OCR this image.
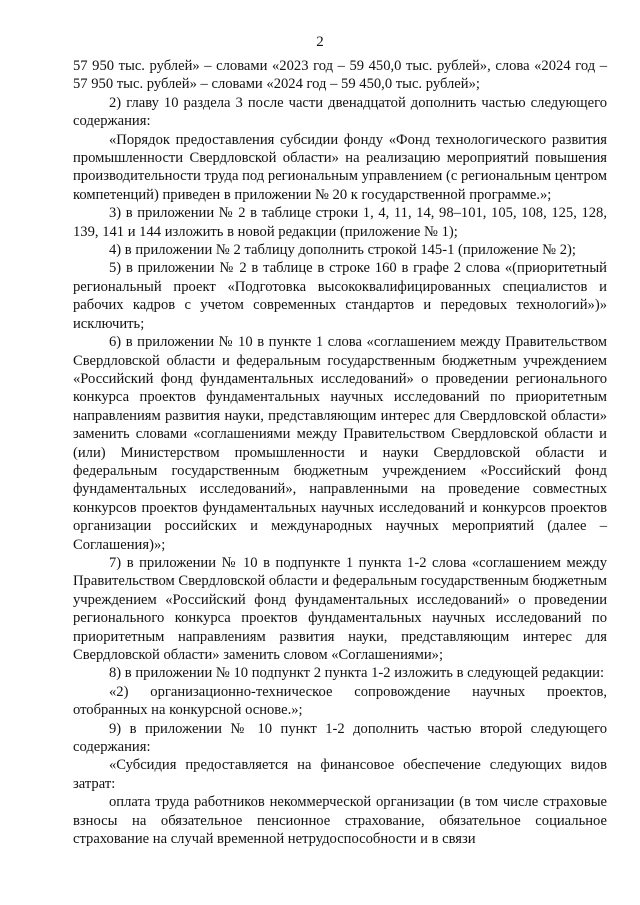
2

57 950 тыс. рублей» – словами «2023 год – 59 450,0 тыс. рублей», слова «2024 год – 57 950 тыс. рублей» – словами «2024 год – 59 450,0 тыс. рублей»;

2) главу 10 раздела 3 после части двенадцатой дополнить частью следующего содержания:

«Порядок предоставления субсидии фонду «Фонд технологического развития промышленности Свердловской области» на реализацию мероприятий повышения производительности труда под региональным управлением (с региональным центром компетенций) приведен в приложении № 20 к государственной программе.»;

3) в приложении № 2 в таблице строки 1, 4, 11, 14, 98–101, 105, 108, 125, 128, 139, 141 и 144 изложить в новой редакции (приложение № 1);

4) в приложении № 2 таблицу дополнить строкой 145-1 (приложение № 2);

5) в приложении № 2 в таблице в строке 160 в графе 2 слова «(приоритетный региональный проект «Подготовка высококвалифицированных специалистов и рабочих кадров с учетом современных стандартов и передовых технологий»)» исключить;

6) в приложении № 10 в пункте 1 слова «соглашением между Правительством Свердловской области и федеральным государственным бюджетным учреждением «Российский фонд фундаментальных исследований» о проведении регионального конкурса проектов фундаментальных научных исследований по приоритетным направлениям развития науки, представляющим интерес для Свердловской области» заменить словами «соглашениями между Правительством Свердловской области и (или) Министерством промышленности и науки Свердловской области и федеральным государственным бюджетным учреждением «Российский фонд фундаментальных исследований», направленными на проведение совместных конкурсов проектов фундаментальных научных исследований и конкурсов проектов организации российских и международных научных мероприятий (далее – Соглашения)»;

7) в приложении № 10 в подпункте 1 пункта 1-2 слова «соглашением между Правительством Свердловской области и федеральным государственным бюджетным учреждением «Российский фонд фундаментальных исследований» о проведении регионального конкурса проектов фундаментальных научных исследований по приоритетным направлениям развития науки, представляющим интерес для Свердловской области» заменить словом «Соглашениями»;

8) в приложении № 10 подпункт 2 пункта 1-2 изложить в следующей редакции:

«2) организационно-техническое сопровождение научных проектов, отобранных на конкурсной основе.»;

9) в приложении № 10 пункт 1-2 дополнить частью второй следующего содержания:

«Субсидия предоставляется на финансовое обеспечение следующих видов затрат:

оплата труда работников некоммерческой организации (в том числе страховые взносы на обязательное пенсионное страхование, обязательное социальное страхование на случай временной нетрудоспособности и в связи
